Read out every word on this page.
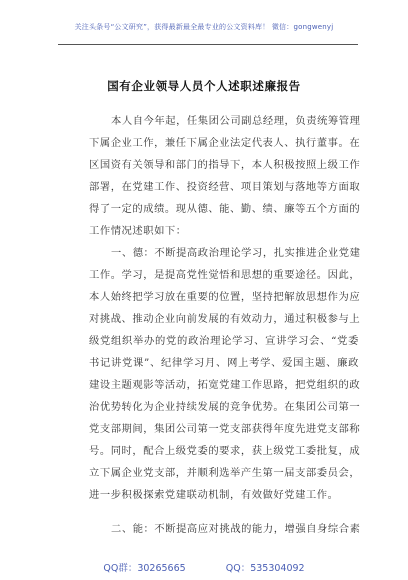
关注头条号“公文研究”，获得最新最全最专业的公文资料库！ 微信：gongwenyj
国有企业领导人员个人述职述廉报告
本人自今年起，任集团公司副总经理，负责统筹管理
下属企业工作，兼任下属企业法定代表人、执行董事。在
区国资有关领导和部门的指导下，本人积极按照上级工作
部署，在党建工作、投资经营、项目策划与落地等方面取
得了一定的成绩。现从德、能、勤、绩、廉等五个方面的
工作情况述职如下：
一、德：不断提高政治理论学习，扎实推进企业党建
工作。学习，是提高党性觉悟和思想的重要途径。因此，
本人始终把学习放在重要的位置，坚持把解放思想作为应
对挑战、推动企业向前发展的有效动力，通过积极参与上
级党组织举办的党的政治理论学习、宣讲学习会、“党委
书记讲党课”、纪律学习月、网上考学、爱国主题、廉政
建设主题观影等活动，拓宽党建工作思路，把党组织的政
治优势转化为企业持续发展的竞争优势。在集团公司第一
党支部期间，集团公司第一党支部获得年度先进党支部称
号。同时，配合上级党委的要求，获上级党工委批复，成
立下属企业党支部，并顺利选举产生第一届支部委员会，
进一步积极探索党建联动机制，有效做好党建工作。
二、能：不断提高应对挑战的能力，增强自身综合素
QQ群：30265665	QQ：535304092
